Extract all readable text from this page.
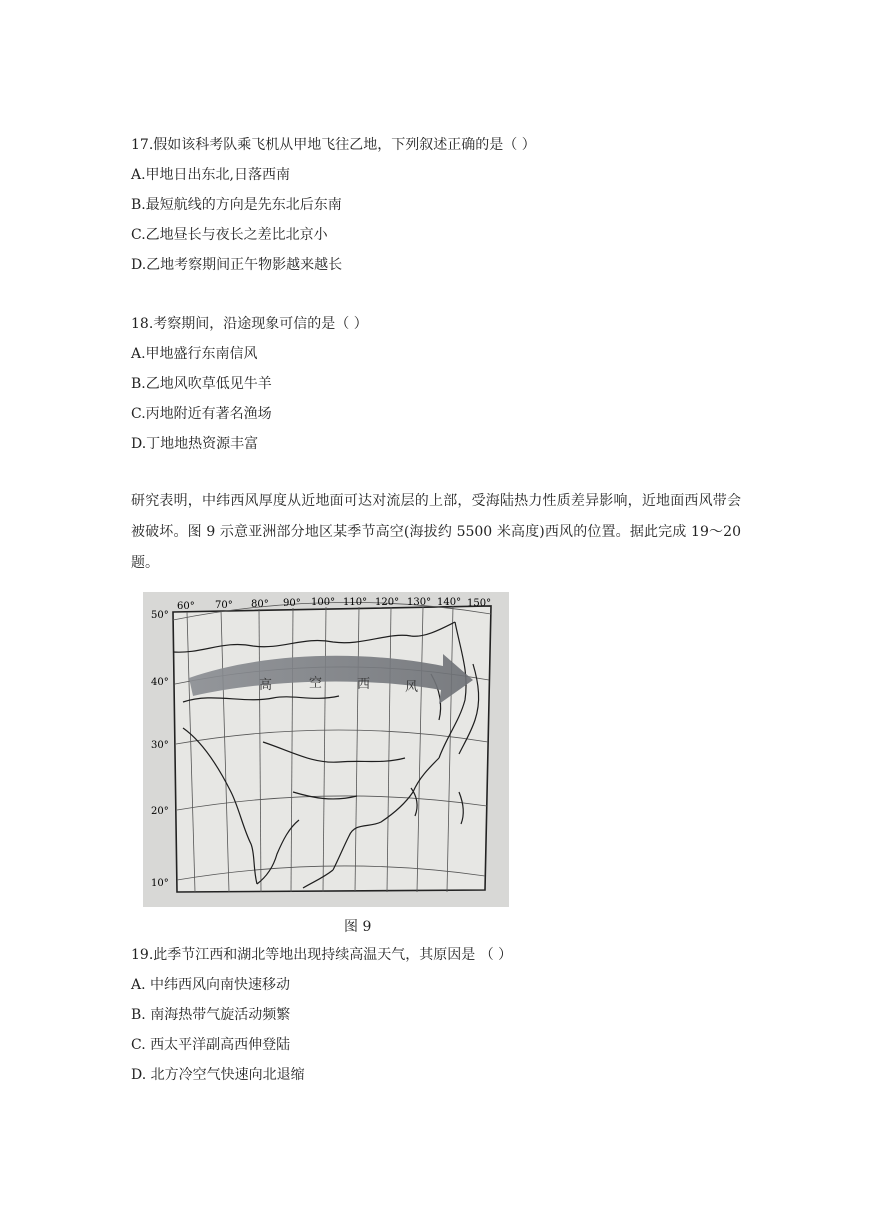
17.假如该科考队乘飞机从甲地飞往乙地，下列叙述正确的是（ ）
A.甲地日出东北,日落西南
B.最短航线的方向是先东北后东南
C.乙地昼长与夜长之差比北京小
D.乙地考察期间正午物影越来越长
18.考察期间，沿途现象可信的是（ ）
A.甲地盛行东南信风
B.乙地风吹草低见牛羊
C.丙地附近有著名渔场
D.丁地地热资源丰富
研究表明，中纬西风厚度从近地面可达对流层的上部，受海陆热力性质差异影响，近地面西风带会被破坏。图 9 示意亚洲部分地区某季节高空(海拔约 5500 米高度)西风的位置。据此完成 19～20 题。
60° 70° 80° 90° 100° 110° 120° 130° 140° 150°
50°
40°
30°
20°
10°
高	空	西	风
图 9
19.此季节江西和湖北等地出现持续高温天气，其原因是 （ ）
A. 中纬西风向南快速移动
B. 南海热带气旋活动频繁
C. 西太平洋副高西伸登陆
D. 北方冷空气快速向北退缩
